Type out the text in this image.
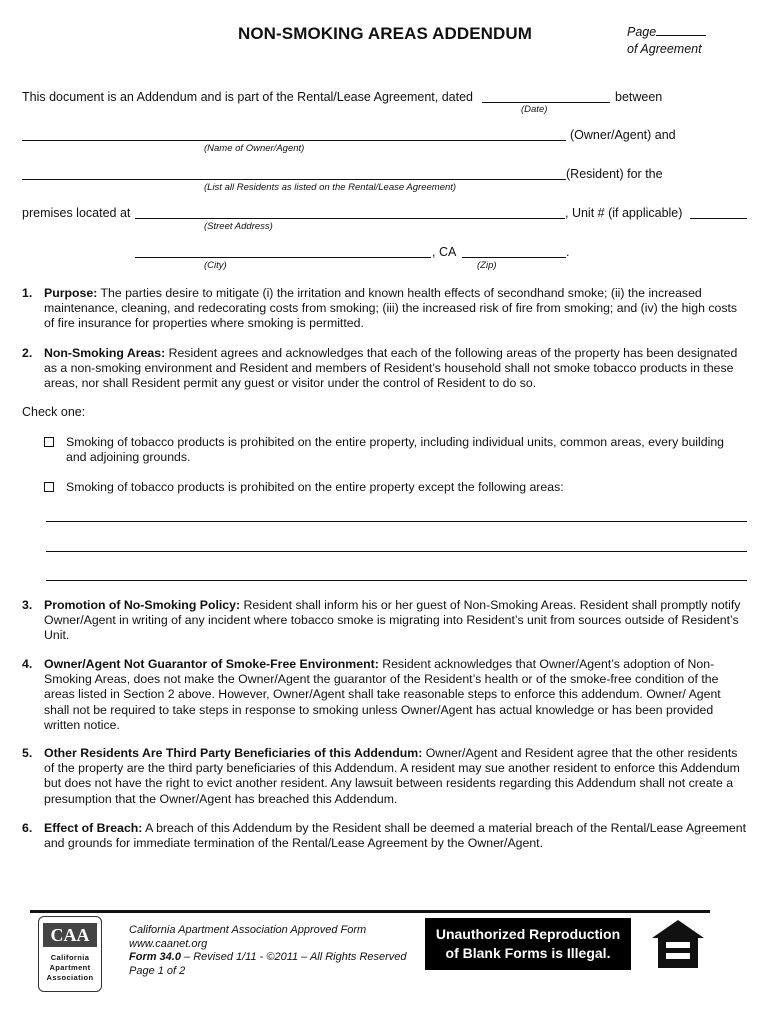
NON-SMOKING AREAS ADDENDUM	Page
of Agreement
This document is an Addendum and is part of the Rental/Lease Agreement, dated	between
(Date)
(Owner/Agent) and
(Name of Owner/Agent)
(Resident) for the
(List all Residents as listed on the Rental/Lease Agreement)
premises located at	, Unit # (if applicable)
(Street Address)
, CA	.
(City)	(Zip)
1. Purpose: The parties desire to mitigate (i) the irritation and known health effects of secondhand smoke; (ii) the increased maintenance, cleaning, and redecorating costs from smoking; (iii) the increased risk of fire from smoking; and (iv) the high costs of fire insurance for properties where smoking is permitted.
2. Non-Smoking Areas: Resident agrees and acknowledges that each of the following areas of the property has been designated as a non-smoking environment and Resident and members of Resident’s household shall not smoke tobacco products in these areas, nor shall Resident permit any guest or visitor under the control of Resident to do so.
Check one:
Smoking of tobacco products is prohibited on the entire property, including individual units, common areas, every building and adjoining grounds.
Smoking of tobacco products is prohibited on the entire property except the following areas:
3. Promotion of No-Smoking Policy: Resident shall inform his or her guest of Non-Smoking Areas. Resident shall promptly notify Owner/Agent in writing of any incident where tobacco smoke is migrating into Resident’s unit from sources outside of Resident’s Unit.
4. Owner/Agent Not Guarantor of Smoke-Free Environment: Resident acknowledges that Owner/Agent’s adoption of Non-Smoking Areas, does not make the Owner/Agent the guarantor of the Resident’s health or of the smoke-free condition of the areas listed in Section 2 above. However, Owner/Agent shall take reasonable steps to enforce this addendum. Owner/ Agent shall not be required to take steps in response to smoking unless Owner/Agent has actual knowledge or has been provided written notice.
5. Other Residents Are Third Party Beneficiaries of this Addendum: Owner/Agent and Resident agree that the other residents of the property are the third party beneficiaries of this Addendum. A resident may sue another resident to enforce this Addendum but does not have the right to evict another resident. Any lawsuit between residents regarding this Addendum shall not create a presumption that the Owner/Agent has breached this Addendum.
6. Effect of Breach: A breach of this Addendum by the Resident shall be deemed a material breach of the Rental/Lease Agreement and grounds for immediate termination of the Rental/Lease Agreement by the Owner/Agent.
CAA
California
Apartment
Association
California Apartment Association Approved Form
www.caanet.org
Form 34.0 – Revised 1/11 - ©2011 – All Rights Reserved
Page 1 of 2
Unauthorized Reproduction
of Blank Forms is Illegal.
